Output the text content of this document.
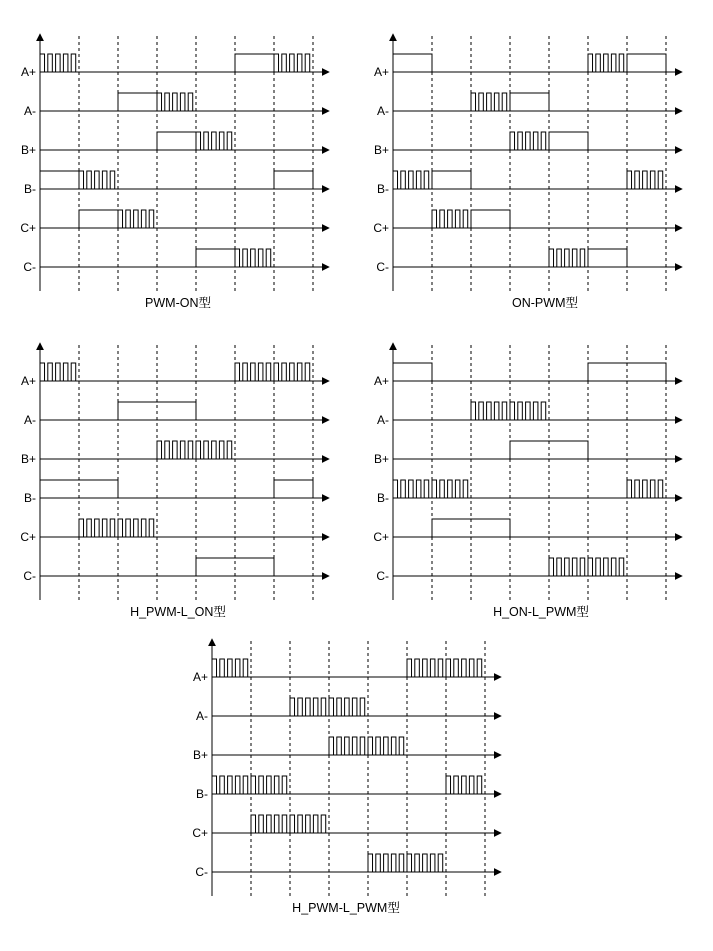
A+
A-
B+
B-
C+
C-
PWM-ON型
A+
A-
B+
B-
C+
C-
ON-PWM型
A+
A-
B+
B-
C+
C-
H_PWM-L_ON型
A+
A-
B+
B-
C+
C-
H_ON-L_PWM型
A+
A-
B+
B-
C+
C-
H_PWM-L_PWM型
